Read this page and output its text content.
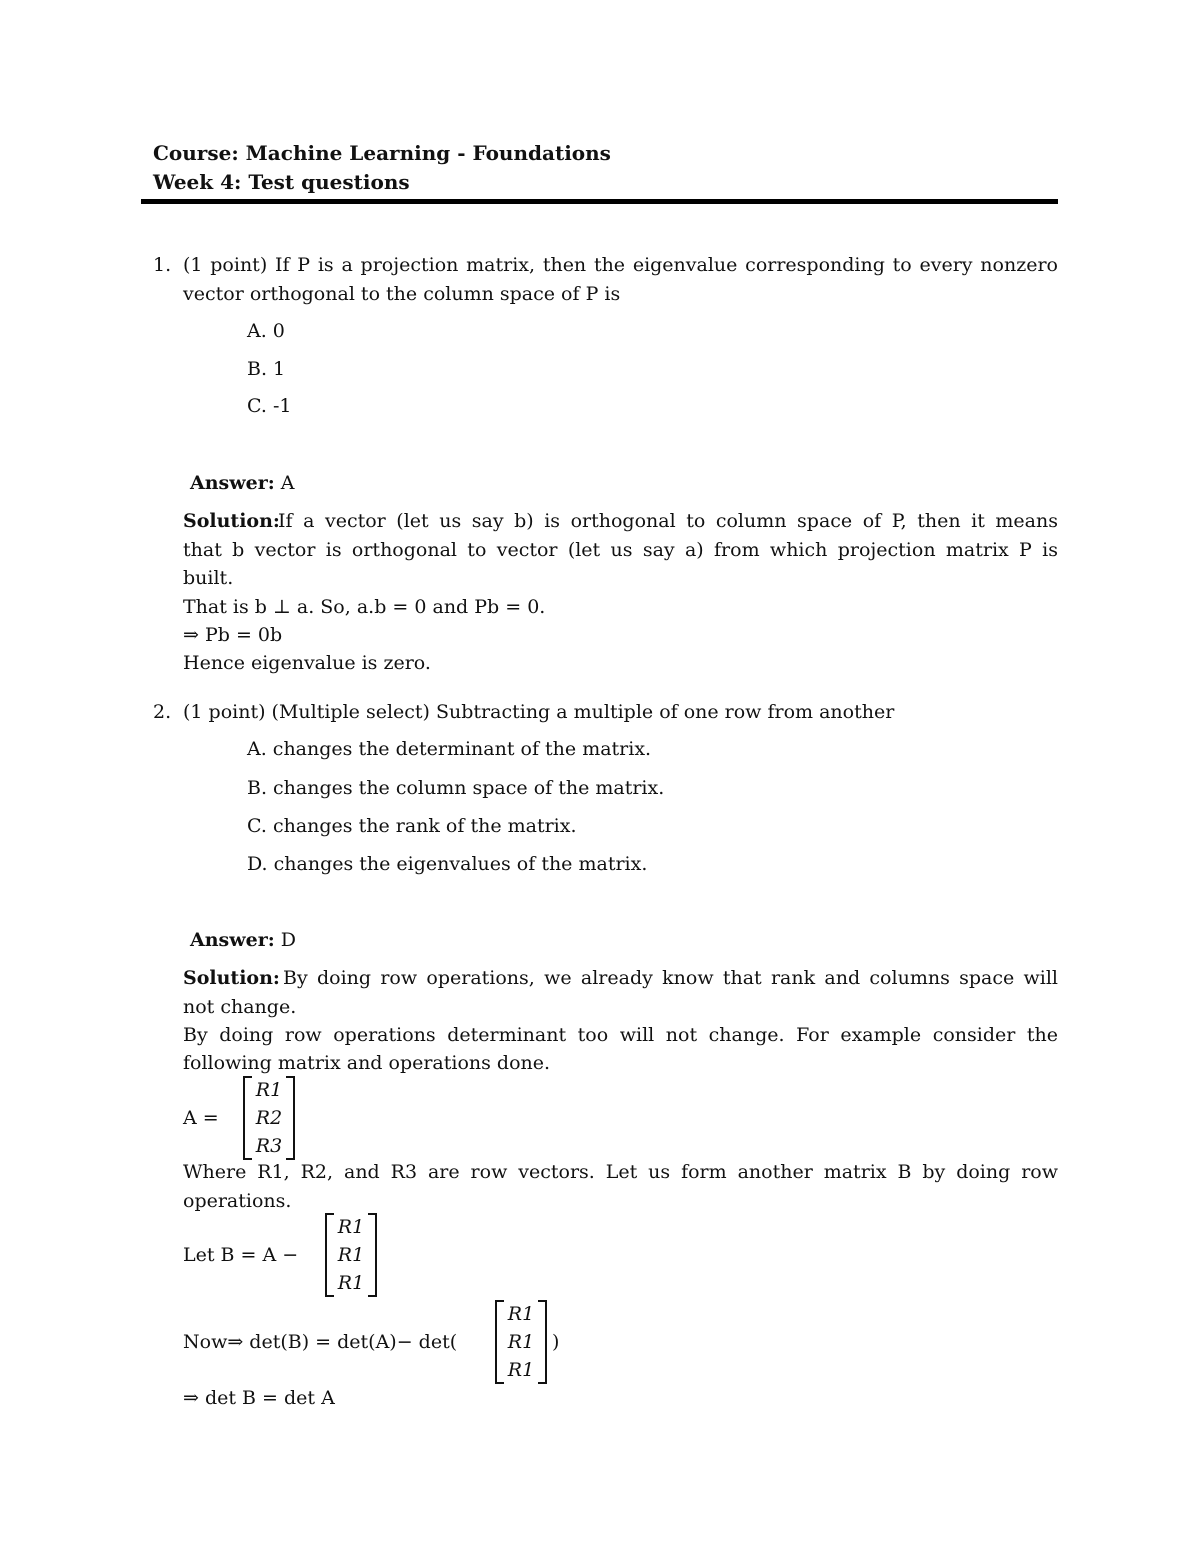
Course: Machine Learning - Foundations
Week 4: Test questions
1. (1 point) If P is a projection matrix, then the eigenvalue corresponding to every nonzero
vector orthogonal to the column space of P is
A. 0
B. 1
C. -1
Answer: A
Solution:
If a vector (let us say b) is orthogonal to column space of P, then it means
that b vector is orthogonal to vector (let us say a) from which projection matrix P is
built.
That is b ⊥ a. So, a.b = 0 and Pb = 0.
⇒ Pb = 0b
Hence eigenvalue is zero.
2. (1 point) (Multiple select) Subtracting a multiple of one row from another
A. changes the determinant of the matrix.
B. changes the column space of the matrix.
C. changes the rank of the matrix.
D. changes the eigenvalues of the matrix.
Answer: D
Solution: By doing row operations, we already know that rank and columns space will
not change.
By doing row operations determinant too will not change. For example consider the
following matrix and operations done.
A =
R1
R2
R3
Where R1, R2, and R3 are row vectors. Let us form another matrix B by doing row
operations.
Let B = A −
R1
R1
R1
Now⇒ det(B) = det(A)− det(
R1
R1
R1
)
⇒ det B = det A
